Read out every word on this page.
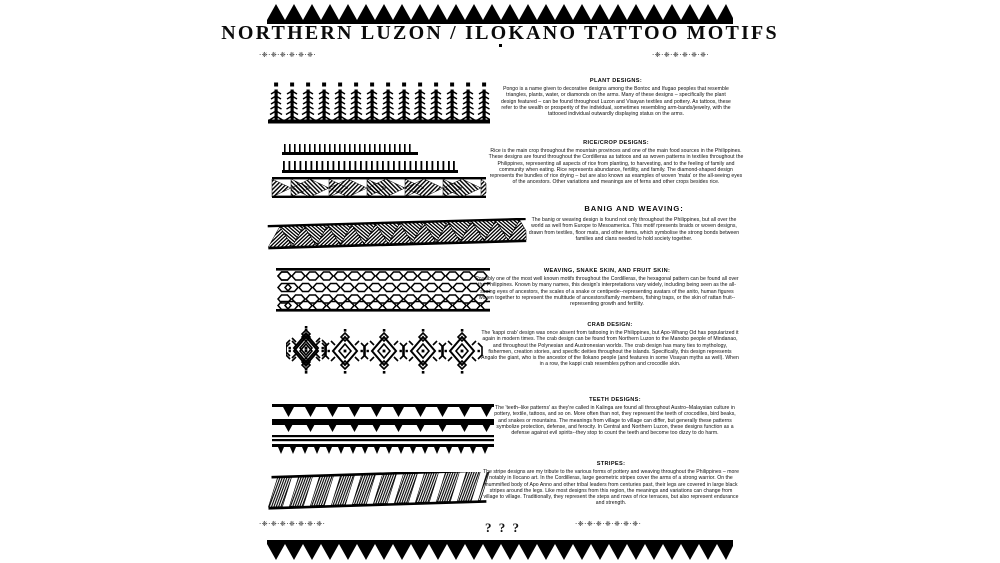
NORTHERN LUZON / ILOKANO TATTOO MOTIFS
·❈·❈·❈·❈·❈·❈·	·❈·❈·❈·❈·❈·❈·
PLANT DESIGNS:
Pongo is a name given to decorative designs among the Bontoc and Ifugao peoples that resemble triangles, plants, water, or diamonds on the arms. Many of these designs – specifically the plant design featured – can be found throughout Luzon and Visayan textiles and pottery. As tattoos, these refer to the wealth or prosperity of the individual, sometimes resembling arm-bands/jewelry, with the tattooed individual outwardly displaying status on the arms.
RICE/CROP DESIGNS:
Rice is the main crop throughout the mountain provinces and one of the main food sources in the Philippines. These designs are found throughout the Cordilleras as tattoos and as woven patterns in textiles throughout the Philippines, representing all aspects of rice from planting, to harvesting, and to the feeling of family and community when eating. Rice represents abundance, fertility, and family. The diamond-shaped design represents the bundles of rice drying – but are also known as examples of woven 'mata' or the all-seeing eyes of the ancestors. Other variations and meanings are of ferns and other crops besides rice.
BANIG AND WEAVING:
The banig or weaving design is found not only throughout the Philippines, but all over the world as well from Europe to Mesoamerica. This motif rpresents braids or woven designs, drawn from textiles, floor mats, and other items, which symbolise the strong bonds between families and clans needed to hold society together.
WEAVING, SNAKE SKIN, AND FRUIT SKIN:
Possibly one of the most well known motifs throughout the Cordilleras, the hexagonal pattern can be found all over the Philippines. Known by many names, this design's interpretations vary widely, including being seen as the all-seeing eyes of ancestors, the scales of a snake or centipede--representing avatars of the anito, human figures woven together to represent the multitude of ancestors/family members, fishing traps, or the skin of rattan fruit--representing growth and fertility.
CRAB DESIGN:
The 'kappi crab' design was once absent from tattooing in the Philippines, but Apo-Whang Od has popularized it again in modern times. The crab design can be found from Northern Luzon to the Manobo people of Mindanao, and throughout the Polynesian and Austronesian worlds. The crab design has many ties to mythology, fishermen, creation stories, and specific deities throughout the islands. Specifically, this design represents Angalo the giant, who is the ancestor of the Ilokano people (and features in some Visayan myths as well). When in a row, the kappi crab resembles python and crocodile skin.
TEETH DESIGNS:
The 'teeth–like patterns' as they're called in Kalinga are found all throughout Austro–Malaysian culture in pottery, textile, tattoos, and so on. More often than not, they represent the teeth of crocodiles, bird beaks, and snakes or mountains. The meanings from village to village can differ, but generally these patterns symbolize protection, defense, and ferocity. In Central and Northern Luzon, these designs function as a defense against evil spirits--they stop to count the teeth and become too dizzy to do harm.
STRIPES:
The stripe designs are my tribute to the various forms of pottery and weaving throughout the Philippines – more notably in Ilocano art. In the Cordilleras, large geometric stripes cover the arms of a strong warrior. On the mummified body of Apo Anno and other tribal leaders from centuries past, their legs are covered in large black stripes around the legs. Like most designs from this region, the meanings and variations can change from village to village. Traditionally, they represent the steps and rows of rice terraces, but also represent endurance and strength.
·❈·❈·❈·❈·❈·❈·❈·	·❈·❈·❈·❈·❈·❈·❈·
? ? ?
